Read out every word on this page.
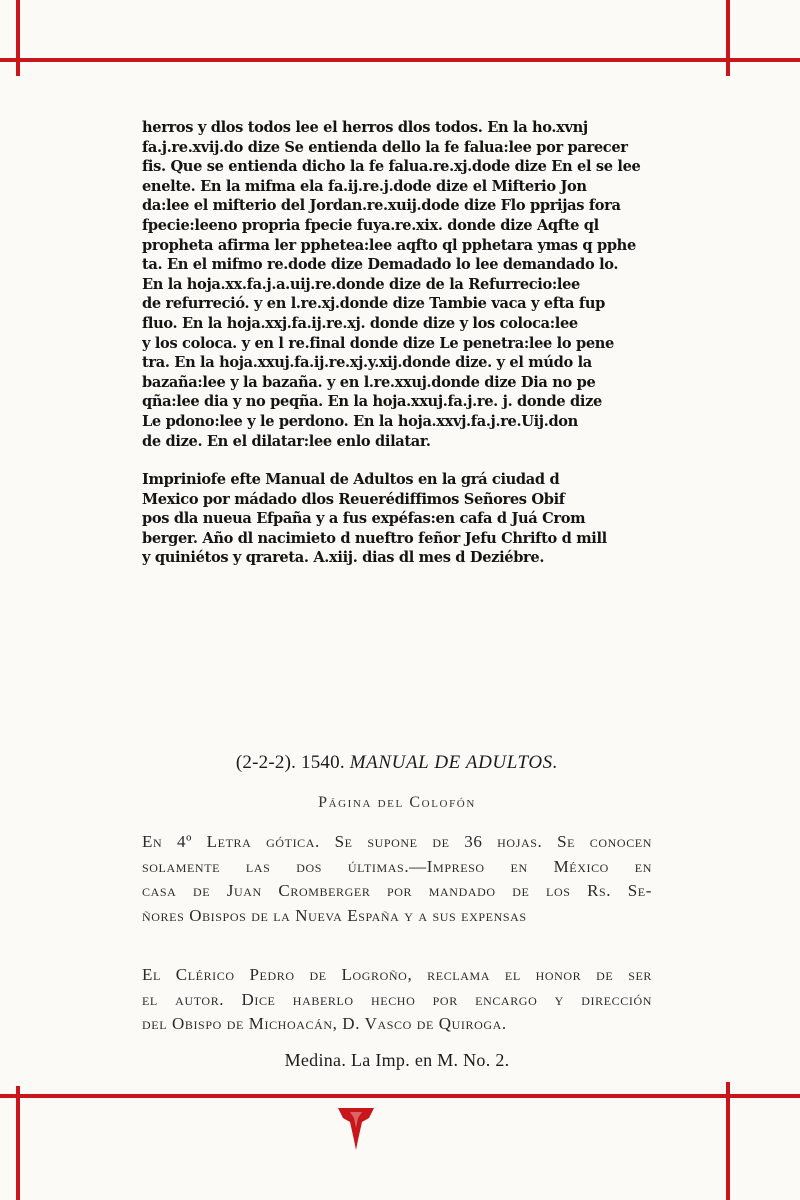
herros y dlos todos lee el herros dlos todos. En la ho.xvnj
fa.j.re.xvij.do dize Se entienda dello la fe falua:lee por parecer
fis. Que se entienda dicho la fe falua.re.xj.dode dize En el se lee
enelte. En la mifma ela fa.ij.re.j.dode dize el Mifterio Jon
da:lee el mifterio del Jordan.re.xuij.dode dize Flo pprijas fora
fpecie:leeno propria fpecie fuya.re.xix. donde dize Aqfte ql
propheta afirma ler pphetea:lee aqfto ql pphetara ymas q pphe
ta. En el mifmo re.dode dize Demadado lo lee demandado lo.
En la hoja.xx.fa.j.a.uij.re.donde dize de la Refurrecio:lee
de refurreció. y en l.re.xj.donde dize Tambie vaca y efta fup
fluo. En la hoja.xxj.fa.ij.re.xj. donde dize y los coloca:lee
y los coloca. y en l re.final donde dize Le penetra:lee lo pene
tra. En la hoja.xxuj.fa.ij.re.xj.y.xij.donde dize. y el múdo la
bazaña:lee y la bazaña. y en l.re.xxuj.donde dize Dia no pe
qña:lee dia y no peqña. En la hoja.xxuj.fa.j.re. j. donde dize
Le pdono:lee y le perdono. En la hoja.xxvj.fa.j.re.Uij.don
de dize. En el dilatar:lee enlo dilatar.
Impriniofe efte Manual de Adultos en la grá ciudad d
Mexico por mádado dlos Reuerédiffimos Señores Obif
pos dla nueua Efpaña y a fus expéfas:en cafa d Juá Crom
berger. Año dl nacimieto d nueftro feñor Jefu Chrifto d mill
y quiniétos y qrareta. A.xiij. dias dl mes d Deziébre.
(2-2-2). 1540. MANUAL DE ADULTOS.
Página del Colofón
En 4º Letra gótica. Se supone de 36 hojas. Se conocen
solamente las dos últimas.—Impreso en México en
casa de Juan Cromberger por mandado de los Rs. Se-
ñores Obispos de la Nueva España y a sus expensas
El Clérico Pedro de Logroño, reclama el honor de ser
el autor. Dice haberlo hecho por encargo y dirección
del Obispo de Michoacán, D. Vasco de Quiroga.
Medina. La Imp. en M. No. 2.
